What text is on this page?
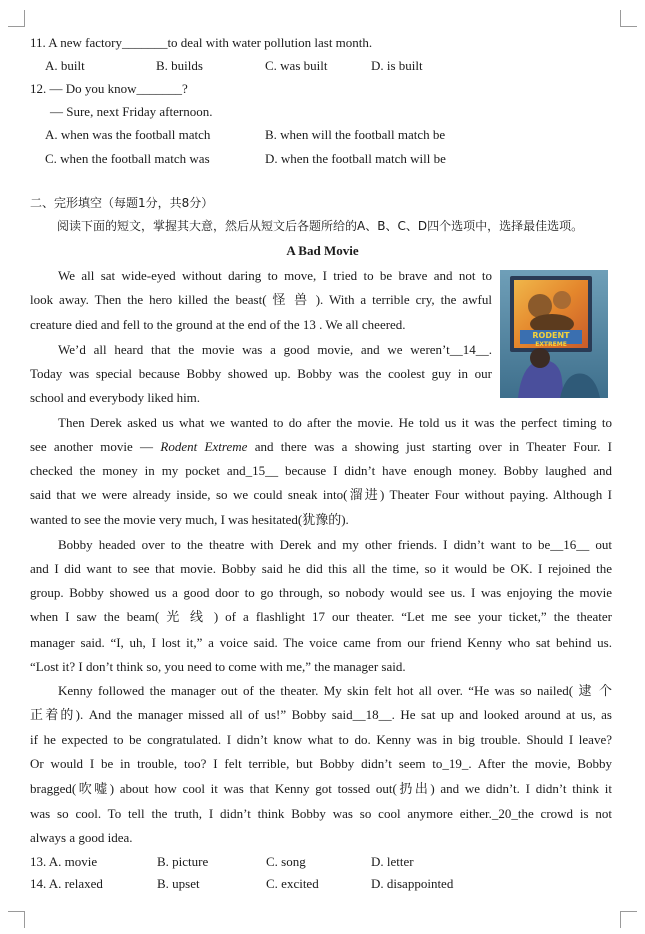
11. A new factory_______to deal with water pollution last month.
A. built	B. builds	C. was built	D. is built
12. — Do you know_______?
— Sure, next Friday afternoon.
A. when was the football match	B. when will the football match be
C. when the football match was	D. when the football match will be
二、完形填空（每题1分，共8分）
阅读下面的短文，掌握其大意，然后从短文后各题所给的A、B、C、D四个选项中，选择最佳选项。
A Bad Movie
RODENT
EXTREME
We all sat wide-eyed without daring to move, I tried to be brave and not to
look away. Then the hero killed the beast( 怪 兽 ). With a terrible cry, the awful
creature died and fell to the ground at the end of the 13 . We all cheered.
We’d all heard that the movie was a good movie, and we weren’t__14__.
Today was special because Bobby showed up. Bobby was the coolest guy in our
school and everybody liked him.
Then Derek asked us what we wanted to do after the movie. He told us it was the perfect timing to
see another movie — Rodent Extreme and there was a showing just starting over in Theater Four. I
checked the money in my pocket and_15__ because I didn’t have enough money. Bobby laughed and
said that we were already inside, so we could sneak into(溜进) Theater Four without paying. Although I
wanted to see the movie very much, I was hesitated(犹豫的).
Bobby headed over to the theatre with Derek and my other friends. I didn’t want to be__16__ out
and I did want to see that movie. Bobby said he did this all the time, so it would be OK. I rejoined the
group. Bobby showed us a good door to go through, so nobody would see us. I was enjoying the movie
when I saw the beam( 光 线 ) of a flashlight 17 our theater. “Let me see your ticket,” the theater
manager said. “I, uh, I lost it,” a voice said. The voice came from our friend Kenny who sat behind us.
“Lost it? I don’t think so, you need to come with me,” the manager said.
Kenny followed the manager out of the theater. My skin felt hot all over. “He was so nailed( 逮 个
正着的). And the manager missed all of us!” Bobby said__18__. He sat up and looked around at us, as
if he expected to be congratulated. I didn’t know what to do. Kenny was in big trouble. Should I leave?
Or would I be in trouble, too? I felt terrible, but Bobby didn’t seem to_19_. After the movie, Bobby
bragged(吹嘘) about how cool it was that Kenny got tossed out(扔出) and we didn’t. I didn’t think it
was so cool. To tell the truth, I didn’t think Bobby was so cool anymore either._20_the crowd is not
always a good idea.
13. A. movie	B. picture	C. song	D. letter
14. A. relaxed	B. upset	C. excited	D. disappointed
